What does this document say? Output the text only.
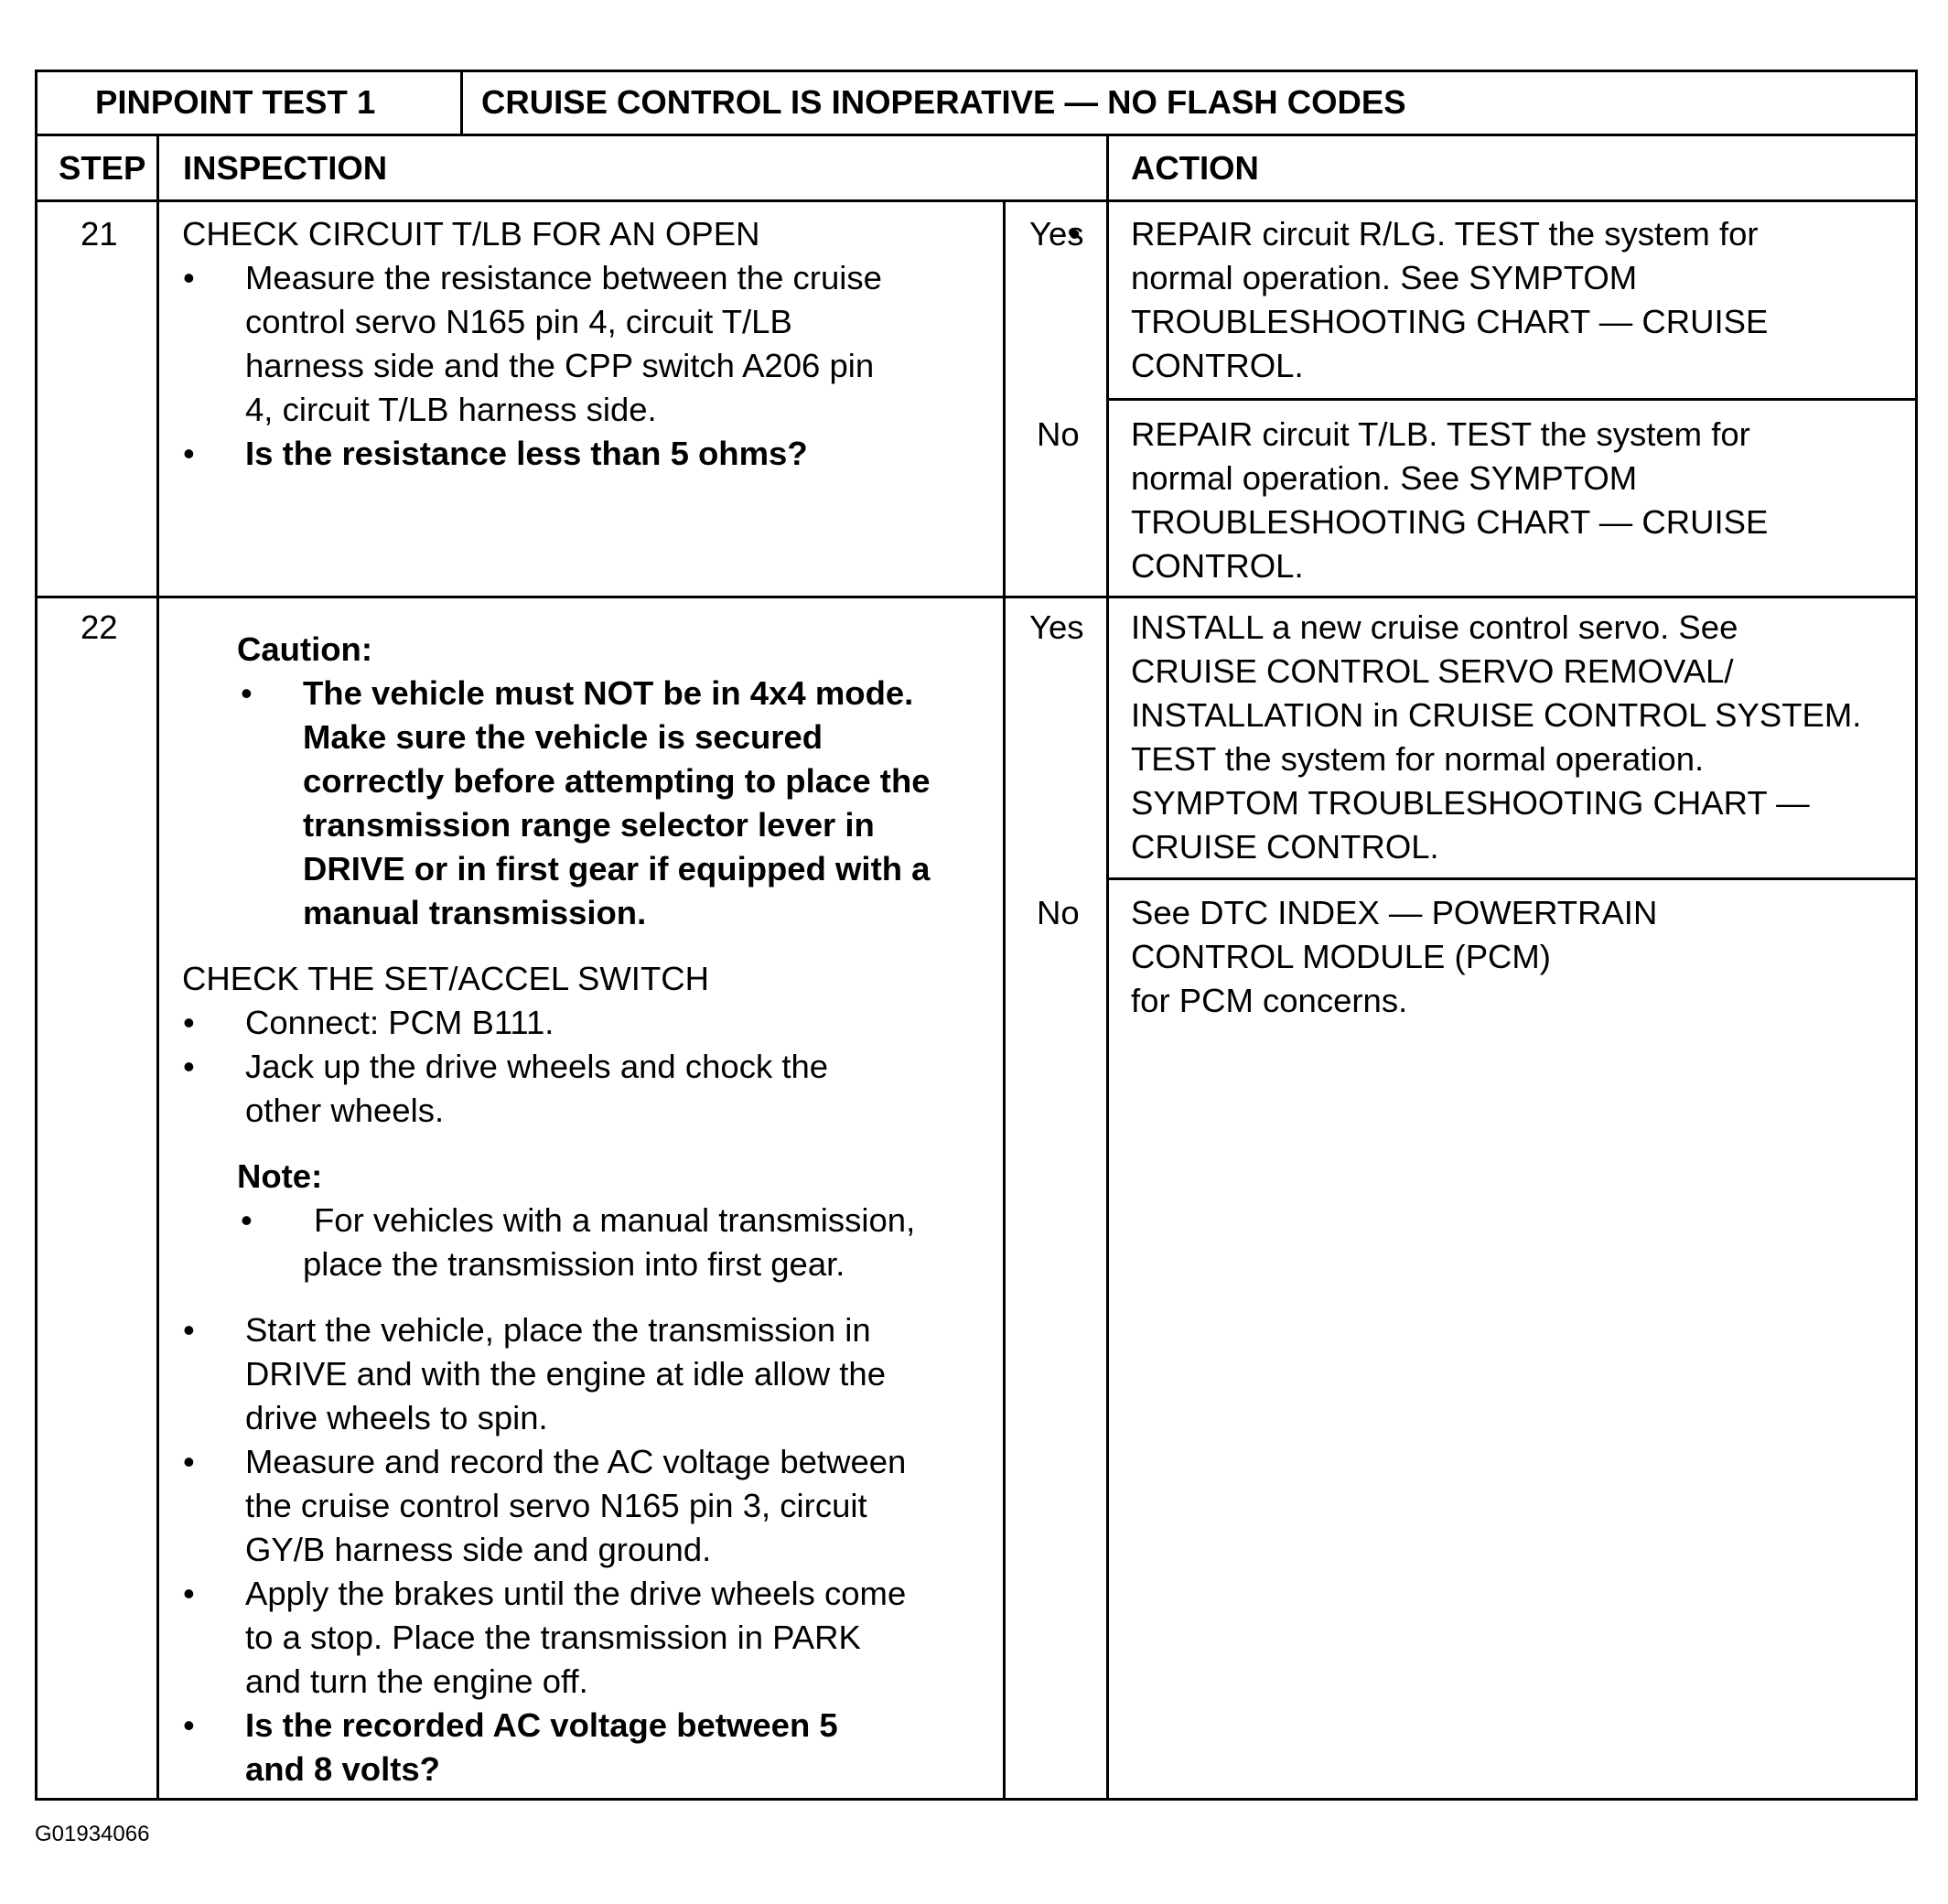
PINPOINT TEST 1	CRUISE CONTROL IS INOPERATIVE — NO FLASH CODES
STEP INSPECTION	ACTION
21 CHECK CIRCUIT T/LB FOR AN OPEN
• Measure the resistance between the cruise
control servo N165 pin 4, circuit T/LB
harness side and the CPP switch A206 pin
4, circuit T/LB harness side.
• Is the resistance less than 5 ohms?
Yes
• REPAIR circuit R/LG. TEST the system for
normal operation. See SYMPTOM
TROUBLESHOOTING CHART — CRUISE
CONTROL.
No REPAIR circuit T/LB. TEST the system for
normal operation. See SYMPTOM
TROUBLESHOOTING CHART — CRUISE
CONTROL.
22
Caution:
• The vehicle must NOT be in 4x4 mode.
Make sure the vehicle is secured
correctly before attempting to place the
transmission range selector lever in
DRIVE or in first gear if equipped with a
manual transmission.
CHECK THE SET/ACCEL SWITCH
• Connect: PCM B111.
• Jack up the drive wheels and chock the
other wheels.
Note:
• For vehicles with a manual transmission,
place the transmission into first gear.
• Start the vehicle, place the transmission in
DRIVE and with the engine at idle allow the
drive wheels to spin.
• Measure and record the AC voltage between
the cruise control servo N165 pin 3, circuit
GY/B harness side and ground.
• Apply the brakes until the drive wheels come
to a stop. Place the transmission in PARK
and turn the engine off.
• Is the recorded AC voltage between 5
and 8 volts?
Yes INSTALL a new cruise control servo. See
CRUISE CONTROL SERVO REMOVAL/
INSTALLATION in CRUISE CONTROL SYSTEM.
TEST the system for normal operation.
SYMPTOM TROUBLESHOOTING CHART —
CRUISE CONTROL.
No See DTC INDEX — POWERTRAIN
CONTROL MODULE (PCM)
for PCM concerns.
G01934066
